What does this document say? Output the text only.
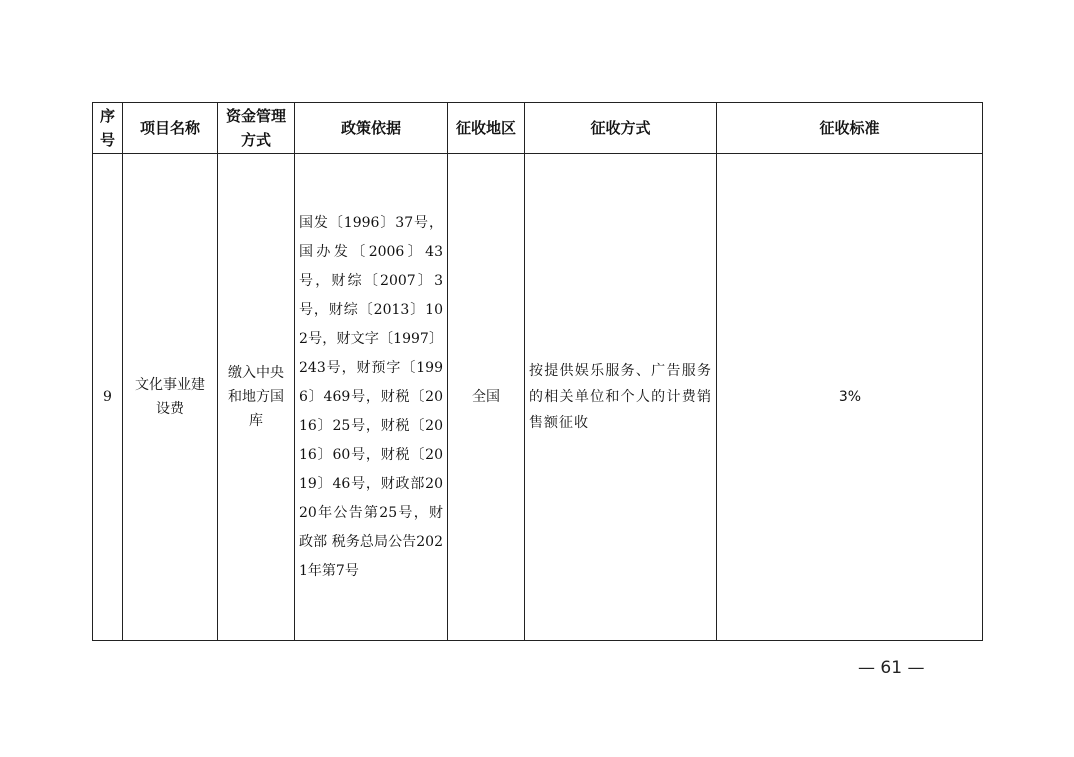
序号	项目名称	资金管理方式	政策依据	征收地区	征收方式	征收标准

9	文化事业建设费	缴入中央和地方国库	国发〔1996〕37号，国办发〔2006〕43号，财综〔2007〕3号，财综〔2013〕102号，财文字〔1997〕243号，财预字〔1996〕469号，财税〔2016〕25号，财税〔2016〕60号，财税〔2019〕46号，财政部2020年公告第25号，财政部 税务总局公告2021年第7号	全国	按提供娱乐服务、广告服务的相关单位和个人的计费销售额征收	3%
— 61 —
